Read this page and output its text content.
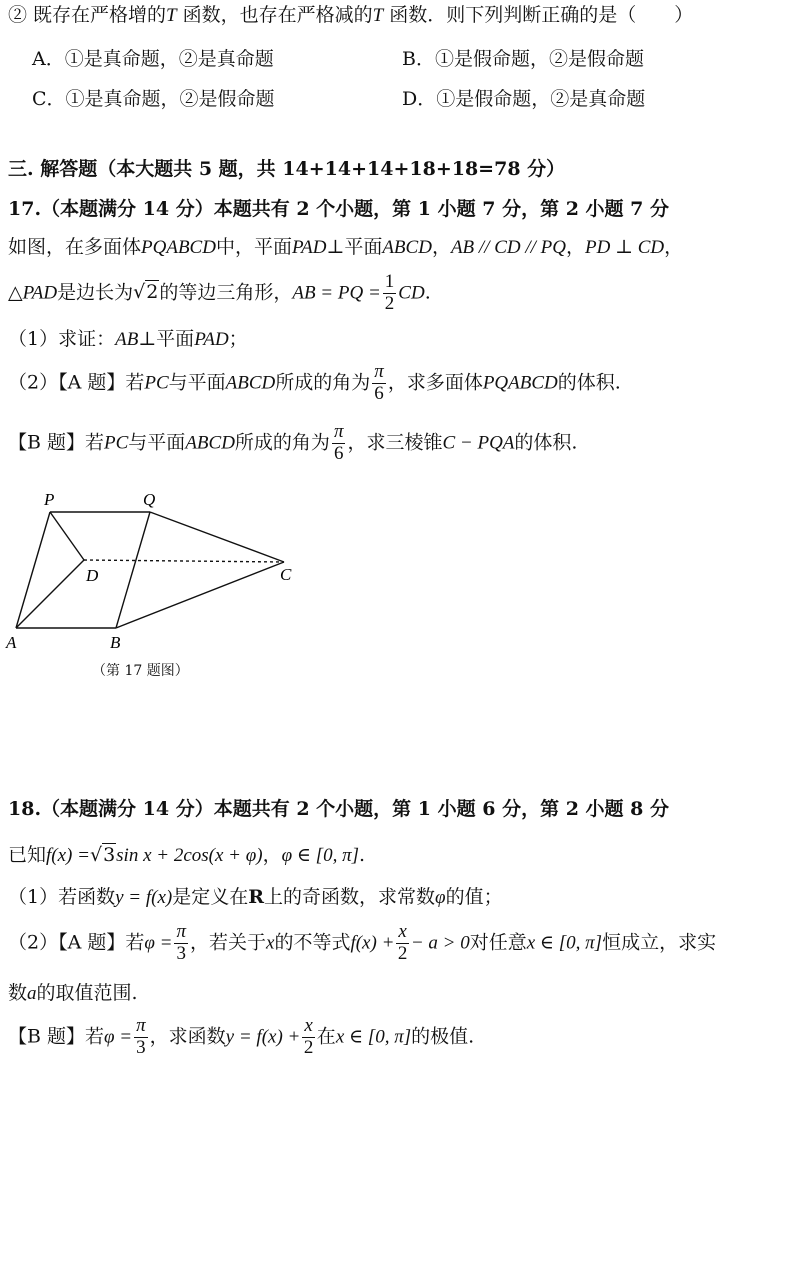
② 既存在严格增的T 函数，也存在严格减的T 函数．则下列判断正确的是（　　）
A．①是真命题，②是真命题	B．①是假命题，②是假命题
C．①是真命题，②是假命题	D．①是假命题，②是真命题
三. 解答题（本大题共 5 题，共 14+14+14+18+18=78 分）
17.（本题满分 14 分）本题共有 2 个小题，第 1 小题 7 分，第 2 小题 7 分
如图，在多面体PQABCD中，平面PAD⊥平面ABCD，AB // CD // PQ，PD ⊥ CD，
△PAD是边长为√2的等边三角形，AB = PQ = $\frac{1}{2}$ CD.
（1）求证：AB⊥平面PAD；
（2）【A 题】若PC与平面ABCD所成的角为 $\frac{\pi}{6}$ ，求多面体PQABCD的体积.
【B 题】若PC与平面ABCD所成的角为 $\frac{\pi}{6}$ ，求三棱锥C − PQA的体积.
P	Q
D	C
A	B
（第 17 题图）
18.（本题满分 14 分）本题共有 2 个小题，第 1 小题 6 分，第 2 小题 8 分
已知f(x) =√3sin x + 2cos(x + φ)，φ ∈ [0, π].
（1）若函数y = f(x)是定义在R上的奇函数，求常数φ的值；
（2）【A 题】若$\varphi = \frac{\pi}{3}$ ，若关于x的不等式$f(x) + \frac{x}{2} - a > 0$对任意x ∈ [0, π]恒成立，求实
数a的取值范围.
【B 题】若$\varphi = \frac{\pi}{3}$ ，求函数$y = f(x) + \frac{x}{2}$ 在x ∈ [0, π]的极值.
